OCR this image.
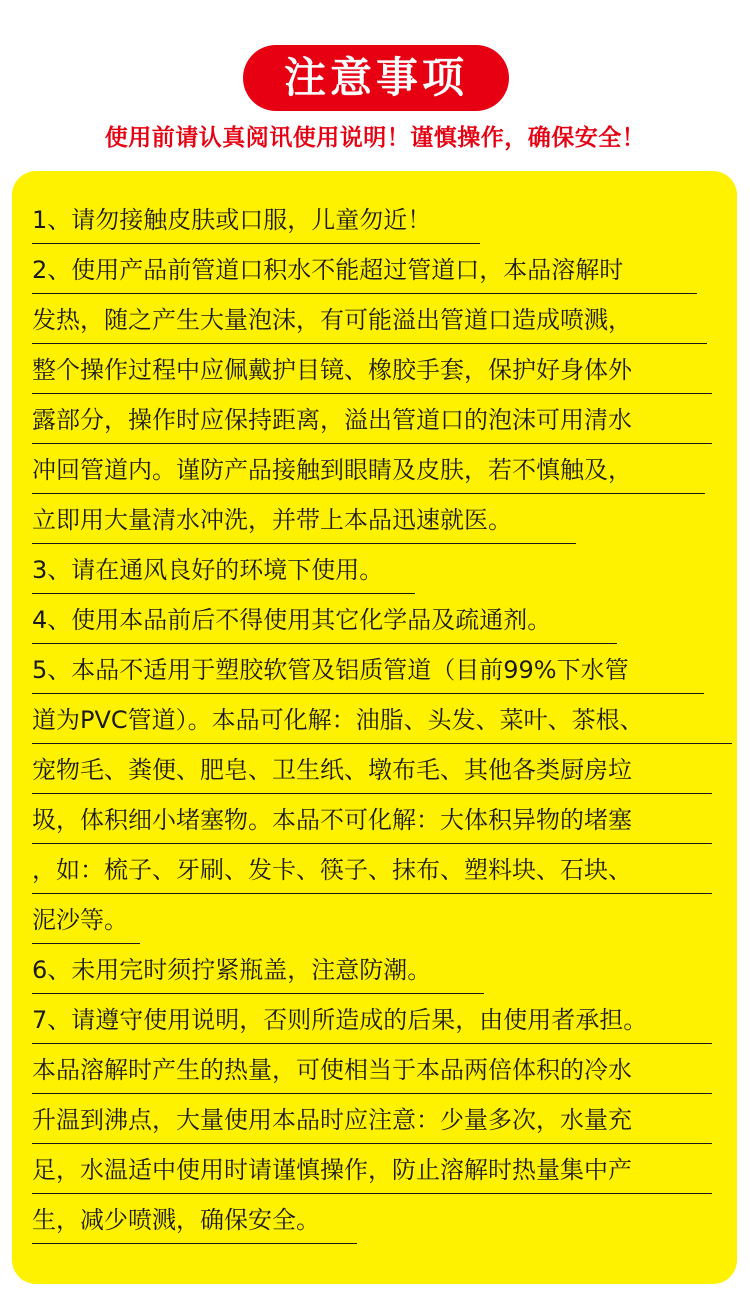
注意事项
使用前请认真阅讯使用说明！谨慎操作，确保安全！
1、请勿接触皮肤或口服，儿童勿近！
2、使用产品前管道口积水不能超过管道口，本品溶解时
发热，随之产生大量泡沫，有可能溢出管道口造成喷溅，
整个操作过程中应佩戴护目镜、橡胶手套，保护好身体外
露部分，操作时应保持距离，溢出管道口的泡沫可用清水
冲回管道内。谨防产品接触到眼睛及皮肤，若不慎触及，
立即用大量清水冲洗，并带上本品迅速就医。
3、请在通风良好的环境下使用。
4、使用本品前后不得使用其它化学品及疏通剂。
5、本品不适用于塑胶软管及铝质管道（目前99%下水管
道为PVC管道）。本品可化解：油脂、头发、菜叶、茶根、
宠物毛、粪便、肥皂、卫生纸、墩布毛、其他各类厨房垃
圾，体积细小堵塞物。本品不可化解：大体积异物的堵塞
，如：梳子、牙刷、发卡、筷子、抹布、塑料块、石块、
泥沙等。
6、未用完时须拧紧瓶盖，注意防潮。
7、请遵守使用说明，否则所造成的后果，由使用者承担。
本品溶解时产生的热量，可使相当于本品两倍体积的冷水
升温到沸点，大量使用本品时应注意：少量多次，水量充
足，水温适中使用时请谨慎操作，防止溶解时热量集中产
生，减少喷溅，确保安全。
